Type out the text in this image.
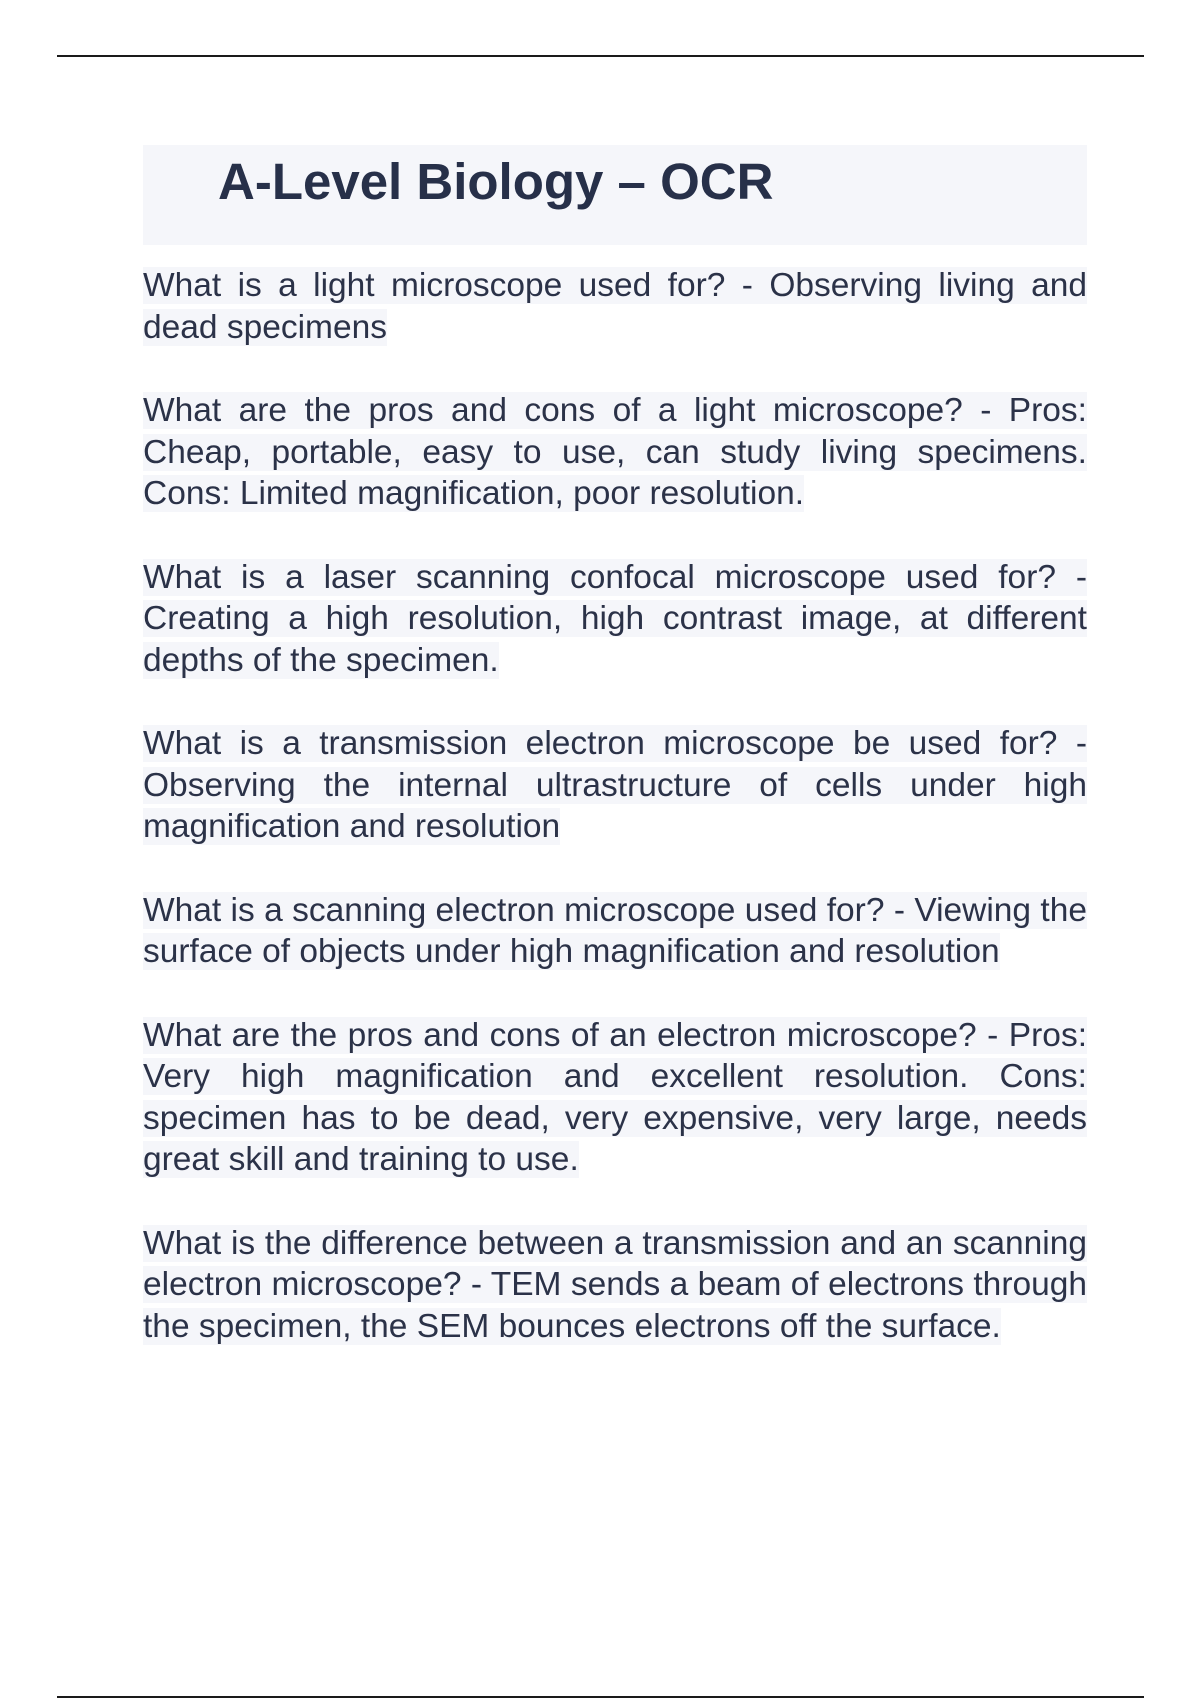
A-Level Biology – OCR

What is a light microscope used for? - Observing living and dead specimens

What are the pros and cons of a light microscope? - Pros: Cheap, portable, easy to use, can study living specimens. Cons: Limited magnification, poor resolution.

What is a laser scanning confocal microscope used for? - Creating a high resolution, high contrast image, at different depths of the specimen.

What is a transmission electron microscope be used for? - Observing the internal ultrastructure of cells under high magnification and resolution

What is a scanning electron microscope used for? - Viewing the surface of objects under high magnification and resolution

What are the pros and cons of an electron microscope? - Pros: Very high magnification and excellent resolution. Cons: specimen has to be dead, very expensive, very large, needs great skill and training to use.

What is the difference between a transmission and an scanning electron microscope? - TEM sends a beam of electrons through the specimen, the SEM bounces electrons off the surface.
